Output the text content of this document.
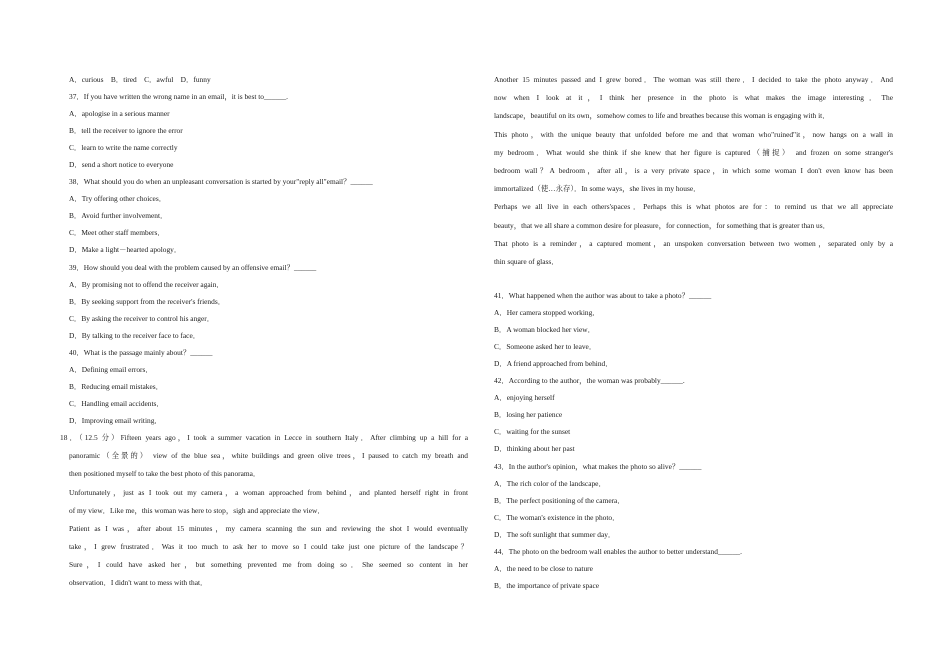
A．curious　B．tired　C．awful　D．funny
37．If you have written the wrong name in an email，it is best to______.
A．apologise in a serious manner
B．tell the receiver to ignore the error
C．learn to write the name correctly
D．send a short notice to everyone
38．What should you do when an unpleasant conversation is started by your"reply all"email？______
A．Try offering other choices．
B．Avoid further involvement．
C．Meet other staff members．
D．Make a light－hearted apology．
39．How should you deal with the problem caused by an offensive email？______
A．By promising not to offend the receiver again．
B．By seeking support from the receiver's friends．
C．By asking the receiver to control his anger．
D．By talking to the receiver face to face．
40．What is the passage mainly about？______
A．Defining email errors．
B．Reducing email mistakes．
C．Handling email accidents．
D．Improving email writing．
18．（12.5 分）Fifteen years ago，I took a summer vacation in Lecce in southern Italy．After climbing up a hill for a
panoramic（全景的） view of the blue sea，white buildings and green olive trees，I paused to catch my breath and
then positioned myself to take the best photo of this panorama．
Unfortunately，just as I took out my camera，a woman approached from behind，and planted herself right in front
of my view．Like me，this woman was here to stop，sigh and appreciate the view．
Patient as I was，after about 15 minutes，my camera scanning the sun and reviewing the shot I would eventually
take，I grew frustrated．Was it too much to ask her to move so I could take just one picture of the landscape？
Sure，I could have asked her，but something prevented me from doing so．She seemed so content in her
observation．I didn't want to mess with that．
Another 15 minutes passed and I grew bored．The woman was still there．I decided to take the photo anyway．And
now when I look at it，I think her presence in the photo is what makes the image interesting．The
landscape，beautiful on its own，somehow comes to life and breathes because this woman is engaging with it．
This photo，with the unique beauty that unfolded before me and that woman who"ruined"it，now hangs on a wall in
my bedroom．What would she think if she knew that her figure is captured（捕捉） and frozen on some stranger's
bedroom wall？A bedroom，after all，is a very private space，in which some woman I don't even know has been
immortalized（使…永存）．In some ways，she lives in my house．
Perhaps we all live in each others'spaces．Perhaps this is what photos are for：to remind us that we all appreciate
beauty，that we all share a common desire for pleasure，for connection，for something that is greater than us．
That photo is a reminder，a captured moment，an unspoken conversation between two women，separated only by a
thin square of glass．
41．What happened when the author was about to take a photo？______
A．Her camera stopped working．
B．A woman blocked her view．
C．Someone asked her to leave．
D．A friend approached from behind．
42．According to the author，the woman was probably______.
A．enjoying herself
B．losing her patience
C．waiting for the sunset
D．thinking about her past
43．In the author's opinion，what makes the photo so alive？______
A．The rich color of the landscape．
B．The perfect positioning of the camera．
C．The woman's existence in the photo．
D．The soft sunlight that summer day．
44．The photo on the bedroom wall enables the author to better understand______.
A．the need to be close to nature
B．the importance of private space
